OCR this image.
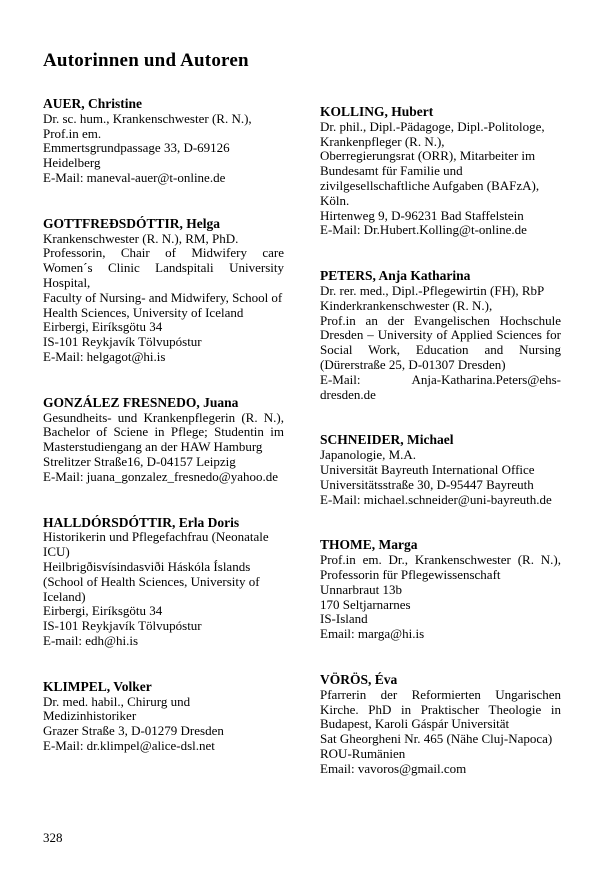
Autorinnen und Autoren
AUER, Christine
Dr. sc. hum., Krankenschwester (R. N.),
Prof.in em.
Emmertsgrundpassage 33, D-69126
Heidelberg
E-Mail: maneval-auer@t-online.de
GOTTFREÐSDÓTTIR, Helga
Krankenschwester (R. N.), RM, PhD.
Professorin, Chair of Midwifery care
Women´s Clinic Landspitali University
Hospital,
Faculty of Nursing- and Midwifery, School of
Health Sciences, University of Iceland
Eirbergi, Eiríksgötu 34
IS-101 Reykjavík Tölvupóstur
E-Mail: helgagot@hi.is
GONZÁLEZ FRESNEDO, Juana
Gesundheits- und Krankenpflegerin (R. N.),
Bachelor of Sciene in Pflege; Studentin im
Masterstudiengang an der HAW Hamburg
Strelitzer Straße16, D-04157 Leipzig
E-Mail: juana_gonzalez_fresnedo@yahoo.de
HALLDÓRSDÓTTIR, Erla Doris
Historikerin und Pflegefachfrau (Neonatale
ICU)
Heilbrigðisvísindasviði Háskóla Íslands
(School of Health Sciences, University of
Iceland)
Eirbergi, Eiríksgötu 34
IS-101 Reykjavík Tölvupóstur
E-mail: edh@hi.is
KLIMPEL, Volker
Dr. med. habil., Chirurg und
Medizinhistoriker
Grazer Straße 3, D-01279 Dresden
E-Mail: dr.klimpel@alice-dsl.net
KOLLING, Hubert
Dr. phil., Dipl.-Pädagoge, Dipl.-Politologe,
Krankenpfleger (R. N.),
Oberregierungsrat (ORR), Mitarbeiter im
Bundesamt für Familie und
zivilgesellschaftliche Aufgaben (BAFzA),
Köln.
Hirtenweg 9, D-96231 Bad Staffelstein
E-Mail: Dr.Hubert.Kolling@t-online.de
PETERS, Anja Katharina
Dr. rer. med., Dipl.-Pflegewirtin (FH), RbP
Kinderkrankenschwester (R. N.),
Prof.in an der Evangelischen Hochschule
Dresden – University of Applied Sciences for
Social Work, Education and Nursing
(Dürerstraße 25, D-01307 Dresden)
E-Mail: Anja-Katharina.Peters@ehs-
dresden.de
SCHNEIDER, Michael
Japanologie, M.A.
Universität Bayreuth International Office
Universitätsstraße 30, D-95447 Bayreuth
E-Mail: michael.schneider@uni-bayreuth.de
THOME, Marga
Prof.in em. Dr., Krankenschwester (R. N.),
Professorin für Pflegewissenschaft
Unnarbraut 13b
170 Seltjarnarnes
IS-Island
Email: marga@hi.is
VÖRÖS, Éva
Pfarrerin der Reformierten Ungarischen
Kirche. PhD in Praktischer Theologie in
Budapest, Karoli Gáspár Universität
Sat Gheorgheni Nr. 465 (Nähe Cluj-Napoca)
ROU-Rumänien
Email: vavoros@gmail.com
328
